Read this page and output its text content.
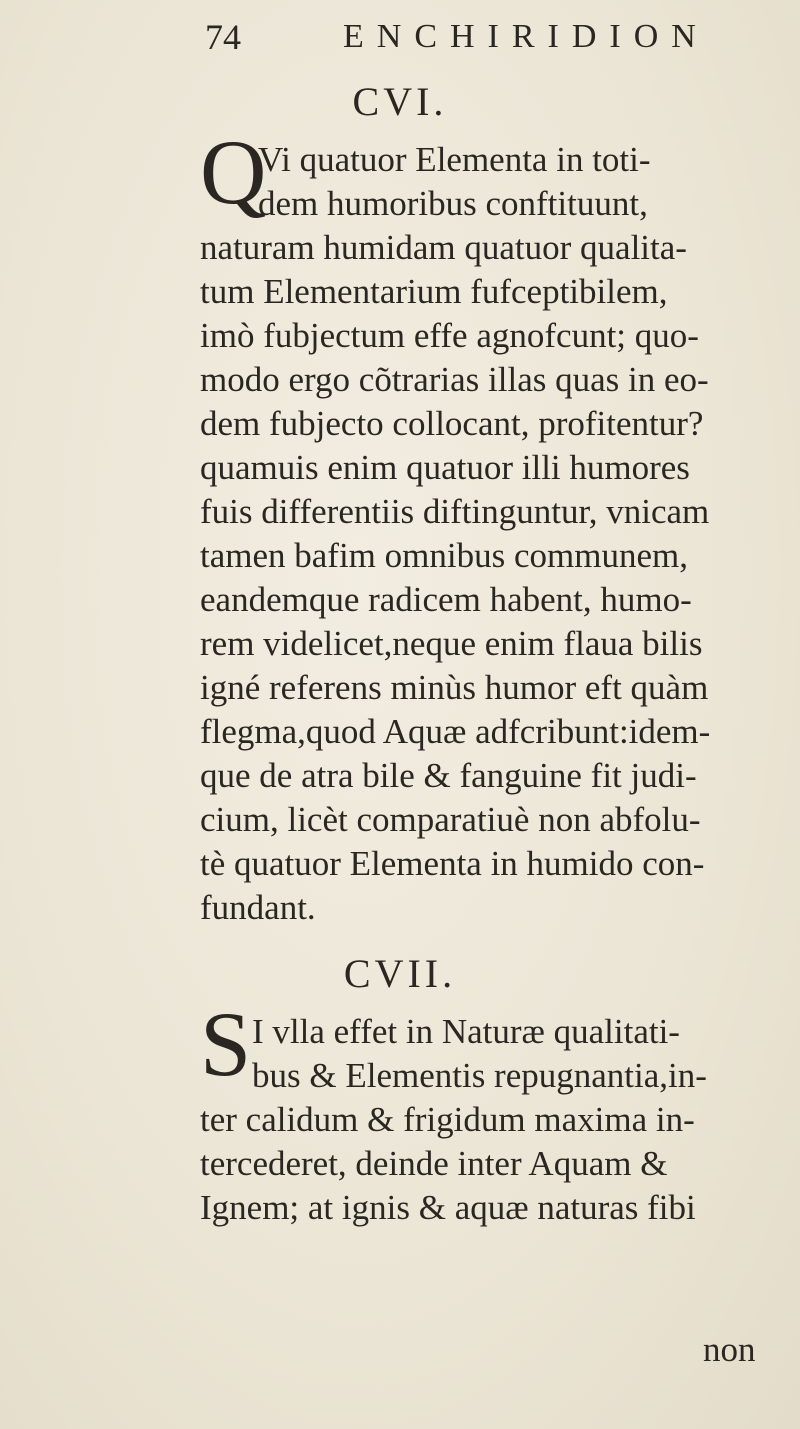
74	ENCHIRIDION
CVI.
Q
Vi quatuor Elementa in toti-
dem humoribus conftituunt,
naturam humidam quatuor qualita-
tum Elementarium fufceptibilem,
imò fubjectum effe agnofcunt; quo-
modo ergo cõtrarias illas quas in eo-
dem fubjecto collocant, profitentur?
quamuis enim quatuor illi humores
fuis differentiis diftinguntur, vnicam
tamen bafim omnibus communem,
eandemque radicem habent, humo-
rem videlicet,neque enim flaua bilis
igné referens minùs humor eft quàm
flegma,quod Aquæ adfcribunt:idem-
que de atra bile & fanguine fit judi-
cium, licèt comparatiuè non abfolu-
tè quatuor Elementa in humido con-
fundant.
CVII.
S I vlla effet in Naturæ qualitati-
bus & Elementis repugnantia,in-
ter calidum & frigidum maxima in-
tercederet, deinde inter Aquam &
Ignem; at ignis & aquæ naturas fibi
non
